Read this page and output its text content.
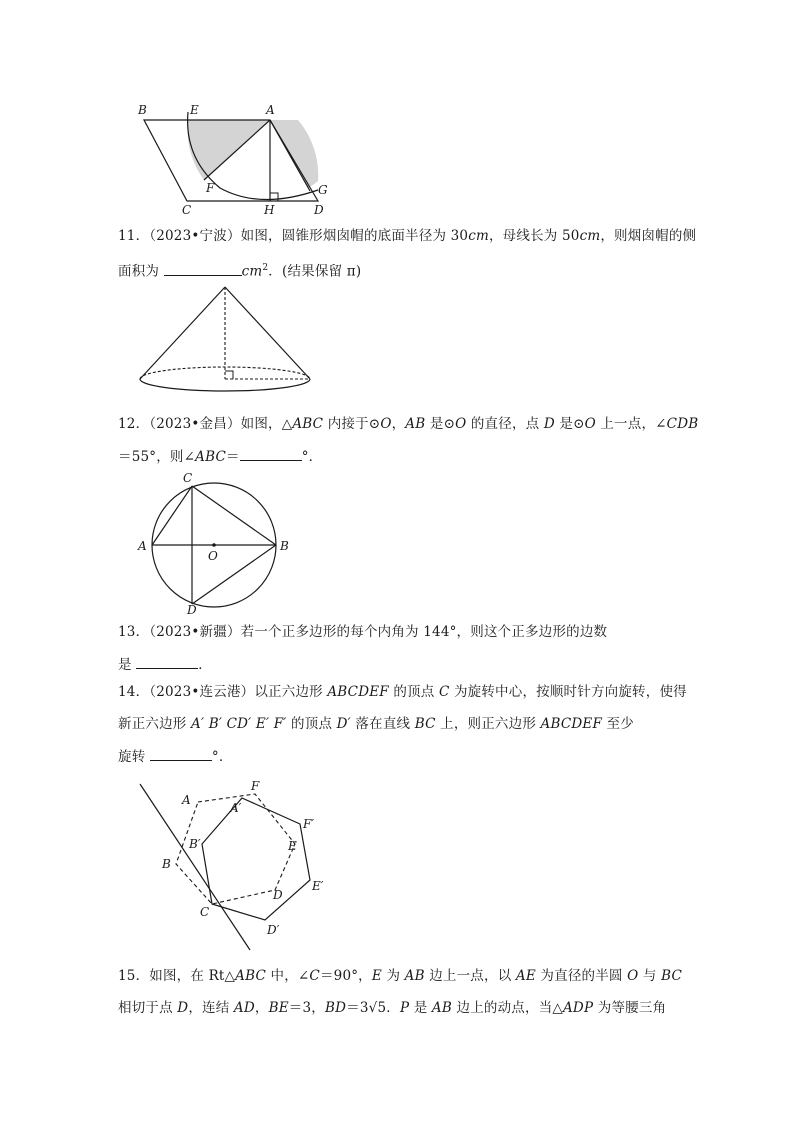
B	E	A
F	G
C	H	D
11．（2023•宁波）如图，圆锥形烟囱帽的底面半径为 30cm，母线长为 50cm，则烟囱帽的侧
面积为	$cm^2$．(结果保留 π)
12．（2023•金昌）如图，△ABC 内接于⊙O，AB 是⊙O 的直径，点 D 是⊙O 上一点，∠CDB
＝55°，则∠ABC＝	°．
C
A
O
B
D
13．（2023•新疆）若一个正多边形的每个内角为 144°，则这个正多边形的边数
是	．
14．（2023•连云港）以正六边形 ABCDEF 的顶点 C 为旋转中心，按顺时针方向旋转，使得
新正六边形 A′ B′ CD′ E′ F′ 的顶点 D′ 落在直线 BC 上，则正六边形 ABCDEF 至少
旋转	°．
A
F
A′
B′
F′
E
B
D
E′
C
D′
15．如图，在 Rt△ABC 中，∠C＝90°，E 为 AB 边上一点，以 AE 为直径的半圆 O 与 BC
相切于点 D，连结 AD，BE＝3，BD＝3√5．P 是 AB 边上的动点，当△ADP 为等腰三角
